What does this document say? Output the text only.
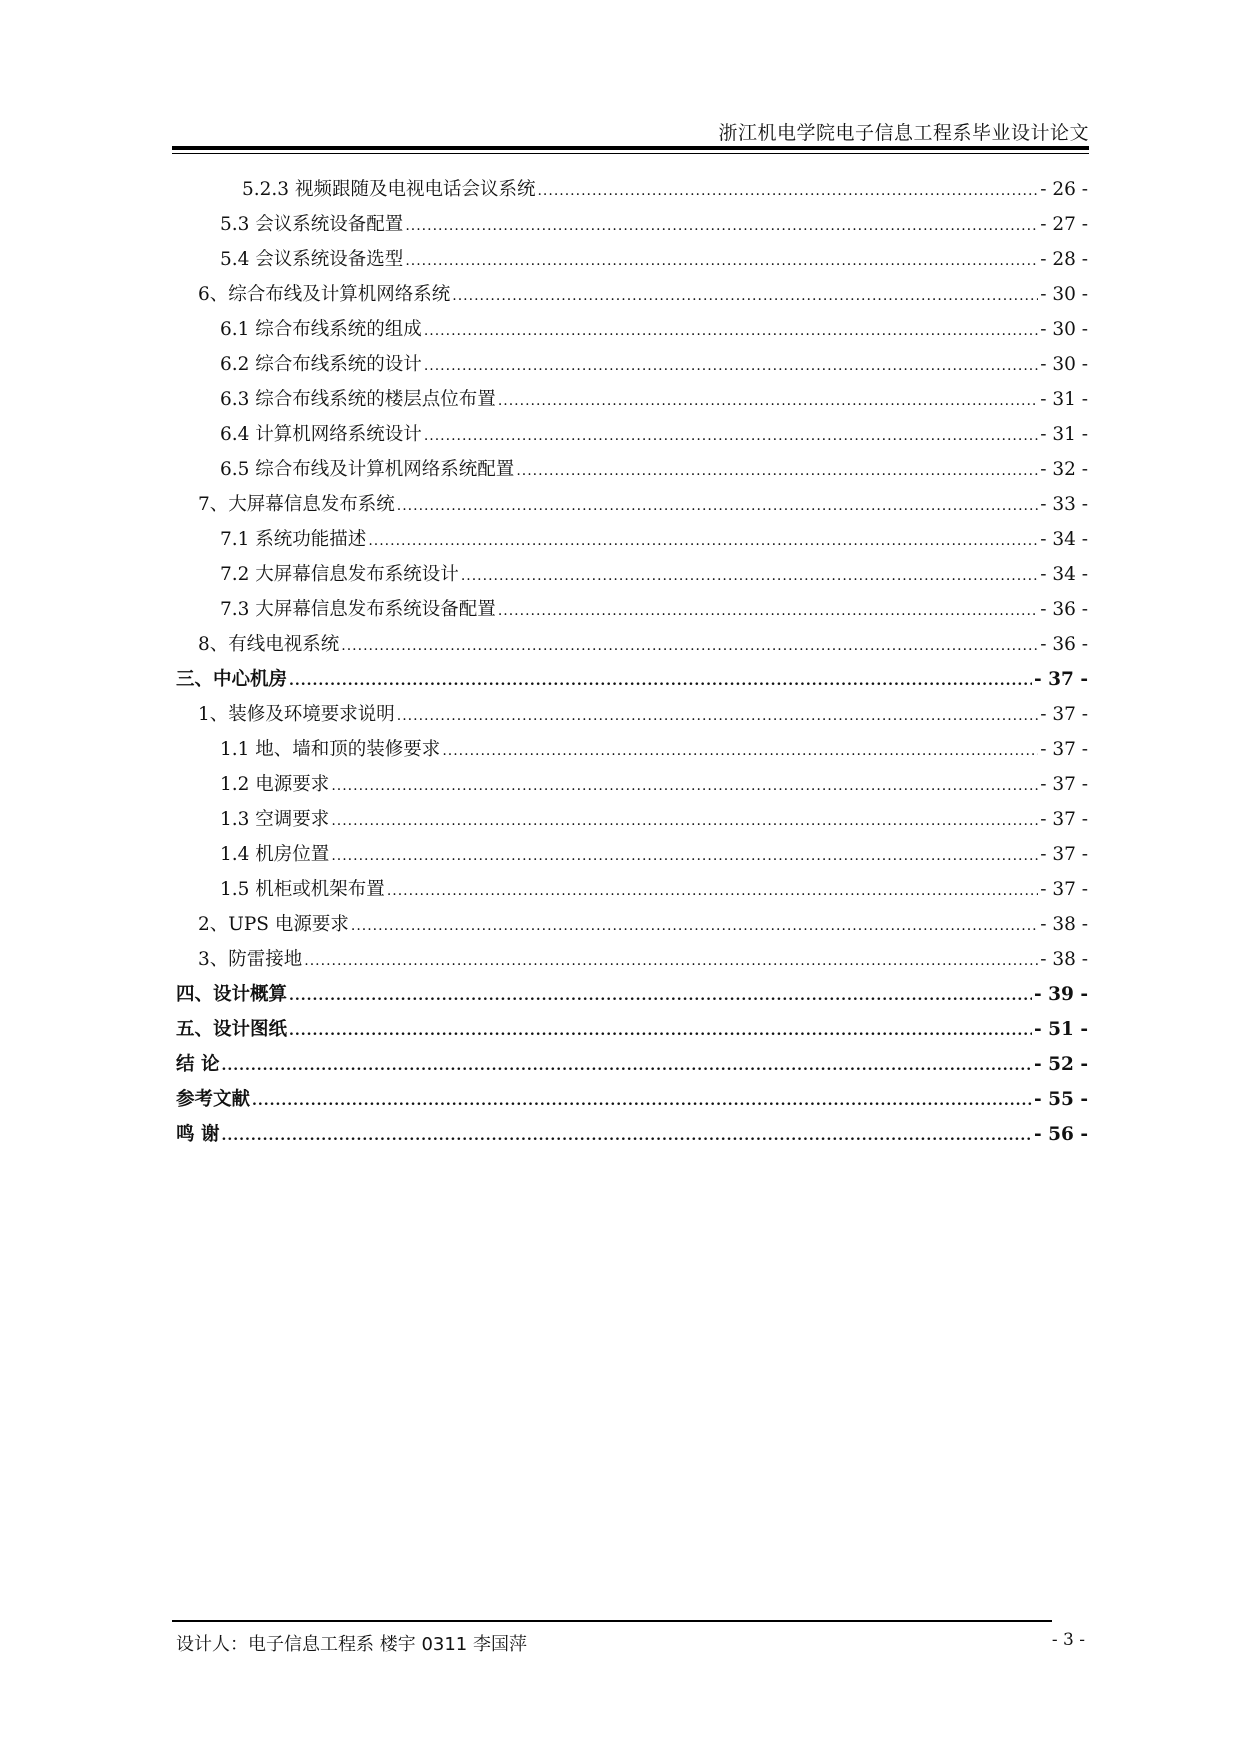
浙江机电学院电子信息工程系毕业设计论文
5.2.3 视频跟随及电视电话会议系统 .....	- 26 -
5.3 会议系统设备配置 .....	- 27 -
5.4 会议系统设备选型 .....	- 28 -
6、综合布线及计算机网络系统 .....	- 30 -
6.1 综合布线系统的组成 .....	- 30 -
6.2 综合布线系统的设计 .....	- 30 -
6.3 综合布线系统的楼层点位布置 .....	- 31 -
6.4 计算机网络系统设计 .....	- 31 -
6.5 综合布线及计算机网络系统配置 .....	- 32 -
7、大屏幕信息发布系统 .....	- 33 -
7.1 系统功能描述 .....	- 34 -
7.2 大屏幕信息发布系统设计 .....	- 34 -
7.3 大屏幕信息发布系统设备配置 .....	- 36 -
8、有线电视系统 .....	- 36 -
三、中心机房 .....	- 37 -
1、装修及环境要求说明 .....	- 37 -
1.1 地、墙和顶的装修要求 .....	- 37 -
1.2 电源要求 .....	- 37 -
1.3 空调要求 .....	- 37 -
1.4 机房位置 .....	- 37 -
1.5 机柜或机架布置 .....	- 37 -
2、UPS 电源要求 .....	- 38 -
3、防雷接地 .....	- 38 -
四、设计概算 .....	- 39 -
五、设计图纸 .....	- 51 -
结 论 .....	- 52 -
参考文献 .....	- 55 -
鸣 谢 .....	- 56 -
设计人：电子信息工程系 楼宇 0311 李国萍	- 3 -
